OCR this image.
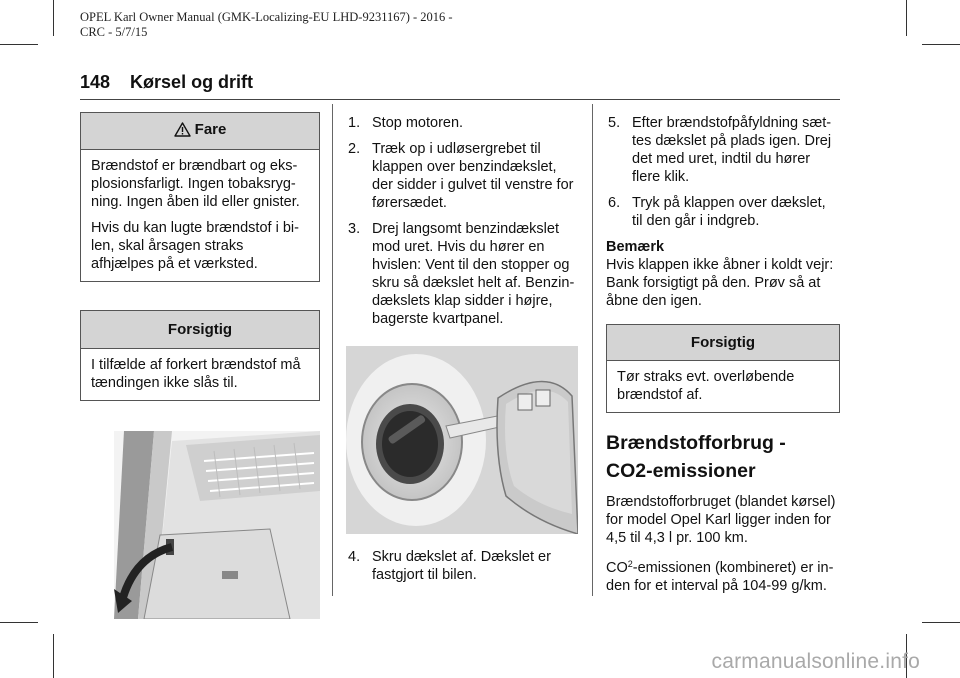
OPEL Karl Owner Manual (GMK-Localizing-EU LHD-9231167) - 2016 -
CRC - 5/7/15
148 Kørsel og drift
Fare

Brændstof er brændbart og eks-plosionsfarligt. Ingen tobaksryg-ning. Ingen åben ild eller gnister.

Hvis du kan lugte brændstof i bi-len, skal årsagen straks afhjælpes på et værksted.

Forsigtig

I tilfælde af forkert brændstof må tændingen ikke slås til.

1. Stop motoren.
2. Træk op i udløsergrebet til klappen over benzindækslet, der sidder i gulvet til venstre for førersædet.
3. Drej langsomt benzindækslet mod uret. Hvis du hører en hvislen: Vent til den stopper og skru så dækslet helt af. Benzin-dækslets klap sidder i højre, bagerste kvartpanel.
4. Skru dækslet af. Dækslet er fastgjort til bilen.
5. Efter brændstofpåfyldning sæt-tes dækslet på plads igen. Drej det med uret, indtil du hører flere klik.
6. Tryk på klappen over dækslet, til den går i indgreb.

Bemærk

Hvis klappen ikke åbner i koldt vejr: Bank forsigtigt på den. Prøv så at åbne den igen.

Forsigtig

Tør straks evt. overløbende brændstof af.

Brændstofforbrug -
CO2-emissioner

Brændstofforbruget (blandet kørsel) for model Opel Karl ligger inden for 4,5 til 4,3 l pr. 100 km.

$CO^2$-emissionen (kombineret) er in-den for et interval på 104-99 g/km.

carmanualsonline.info
